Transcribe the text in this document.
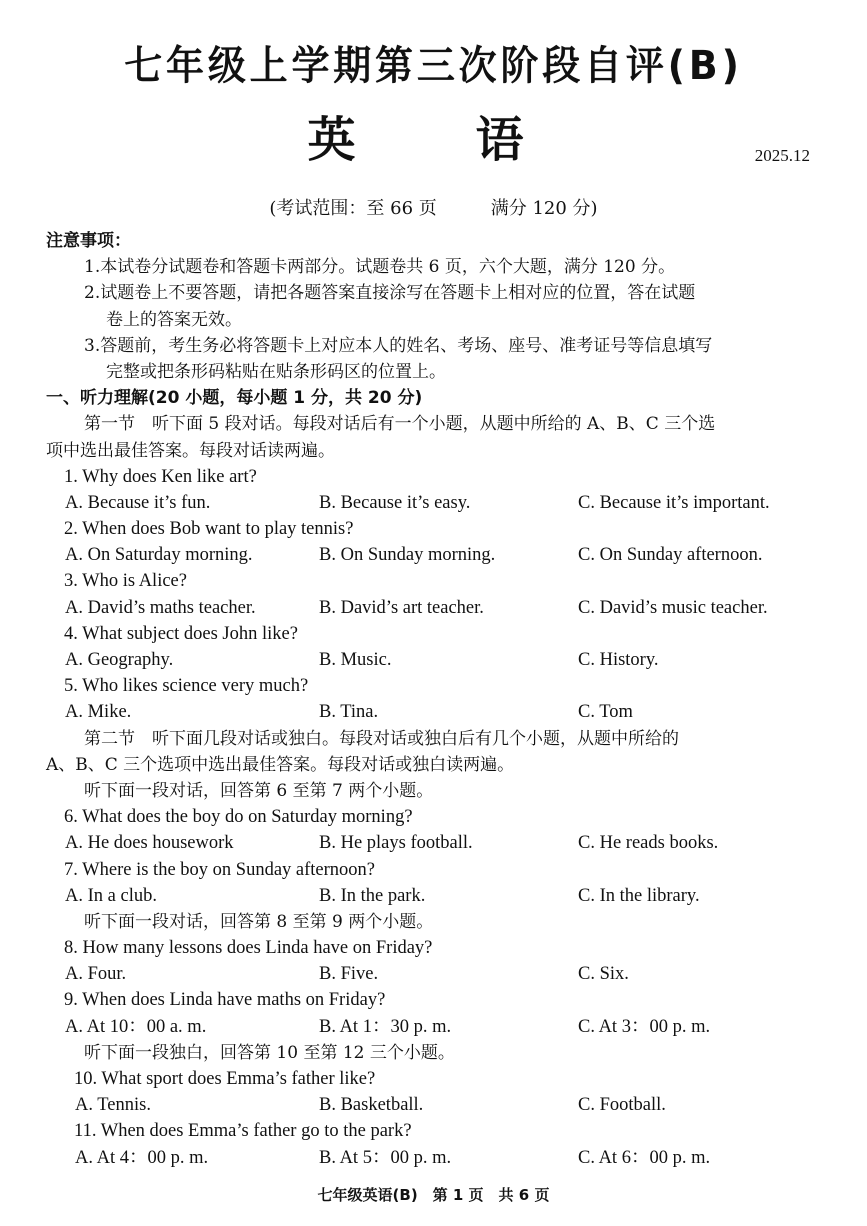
七年级上学期第三次阶段自评(B)
英　语	2025.12
(考试范围：至 66 页　　　满分 120 分)
注意事项：
1.本试卷分试题卷和答题卡两部分。试题卷共 6 页，六个大题，满分 120 分。
2.试题卷上不要答题，请把各题答案直接涂写在答题卡上相对应的位置，答在试题
卷上的答案无效。
3.答题前，考生务必将答题卡上对应本人的姓名、考场、座号、准考证号等信息填写
完整或把条形码粘贴在贴条形码区的位置上。
一、听力理解(20 小题，每小题 1 分，共 20 分)
第一节　听下面 5 段对话。每段对话后有一个小题，从题中所给的 A、B、C 三个选
项中选出最佳答案。每段对话读两遍。
1. Why does Ken like art?
A. Because it’s fun.	B. Because it’s easy.	C. Because it’s important.
2. When does Bob want to play tennis?
A. On Saturday morning.	B. On Sunday morning.	C. On Sunday afternoon.
3. Who is Alice?
A. David’s maths teacher.	B. David’s art teacher.	C. David’s music teacher.
4. What subject does John like?
A. Geography.	B. Music.	C. History.
5. Who likes science very much?
A. Mike.	B. Tina.	C. Tom
第二节　听下面几段对话或独白。每段对话或独白后有几个小题，从题中所给的
A、B、C 三个选项中选出最佳答案。每段对话或独白读两遍。
听下面一段对话，回答第 6 至第 7 两个小题。
6. What does the boy do on Saturday morning?
A. He does housework	B. He plays football.	C. He reads books.
7. Where is the boy on Sunday afternoon?
A. In a club.	B. In the park.	C. In the library.
听下面一段对话，回答第 8 至第 9 两个小题。
8. How many lessons does Linda have on Friday?
A. Four.	B. Five.	C. Six.
9. When does Linda have maths on Friday?
A. At 10：00 a. m.	B. At 1：30 p. m.	C. At 3：00 p. m.
听下面一段独白，回答第 10 至第 12 三个小题。
10. What sport does Emma’s father like?
A. Tennis.	B. Basketball.	C. Football.
11. When does Emma’s father go to the park?
A. At 4：00 p. m.	B. At 5：00 p. m.	C. At 6：00 p. m.
七年级英语(B)　第 1 页　共 6 页
